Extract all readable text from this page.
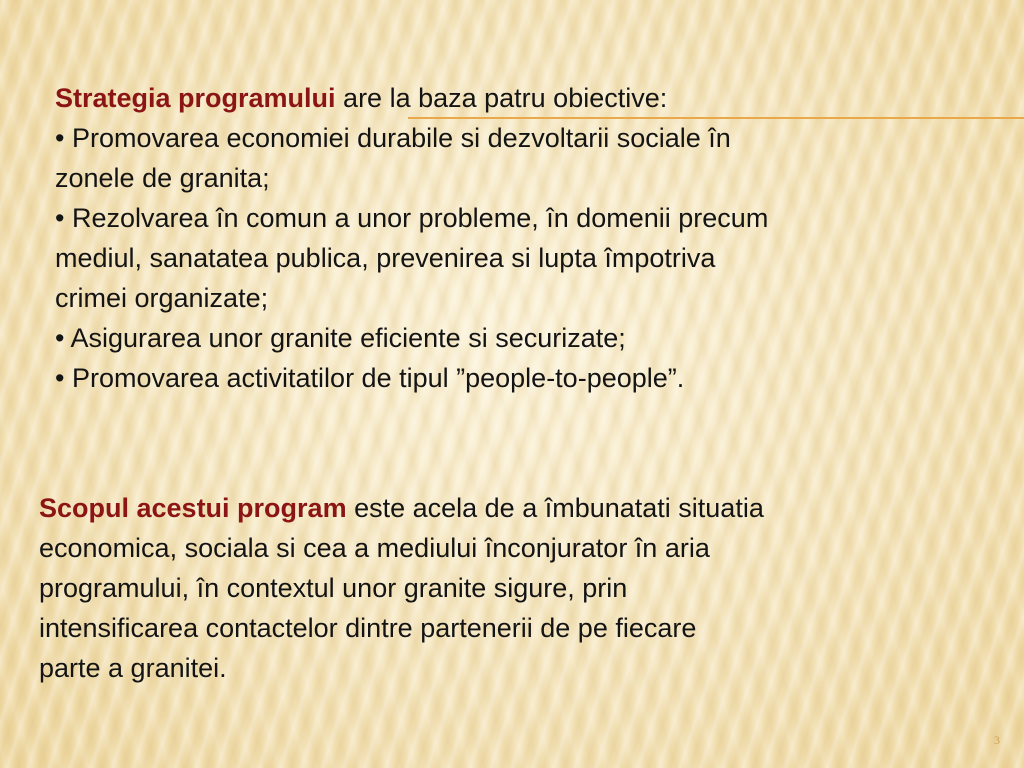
Strategia programului are la baza patru obiective:
• Promovarea economiei durabile si dezvoltarii sociale în
zonele de granita;
• Rezolvarea în comun a unor probleme, în domenii precum
mediul, sanatatea publica, prevenirea si lupta împotriva
crimei organizate;
• Asigurarea unor granite eficiente si securizate;
• Promovarea activitatilor de tipul ”people-to-people”.
Scopul acestui program este acela de a îmbunatati situatia
economica, sociala si cea a mediului înconjurator în aria
programului, în contextul unor granite sigure, prin
intensificarea contactelor dintre partenerii de pe fiecare
parte a granitei.
3
